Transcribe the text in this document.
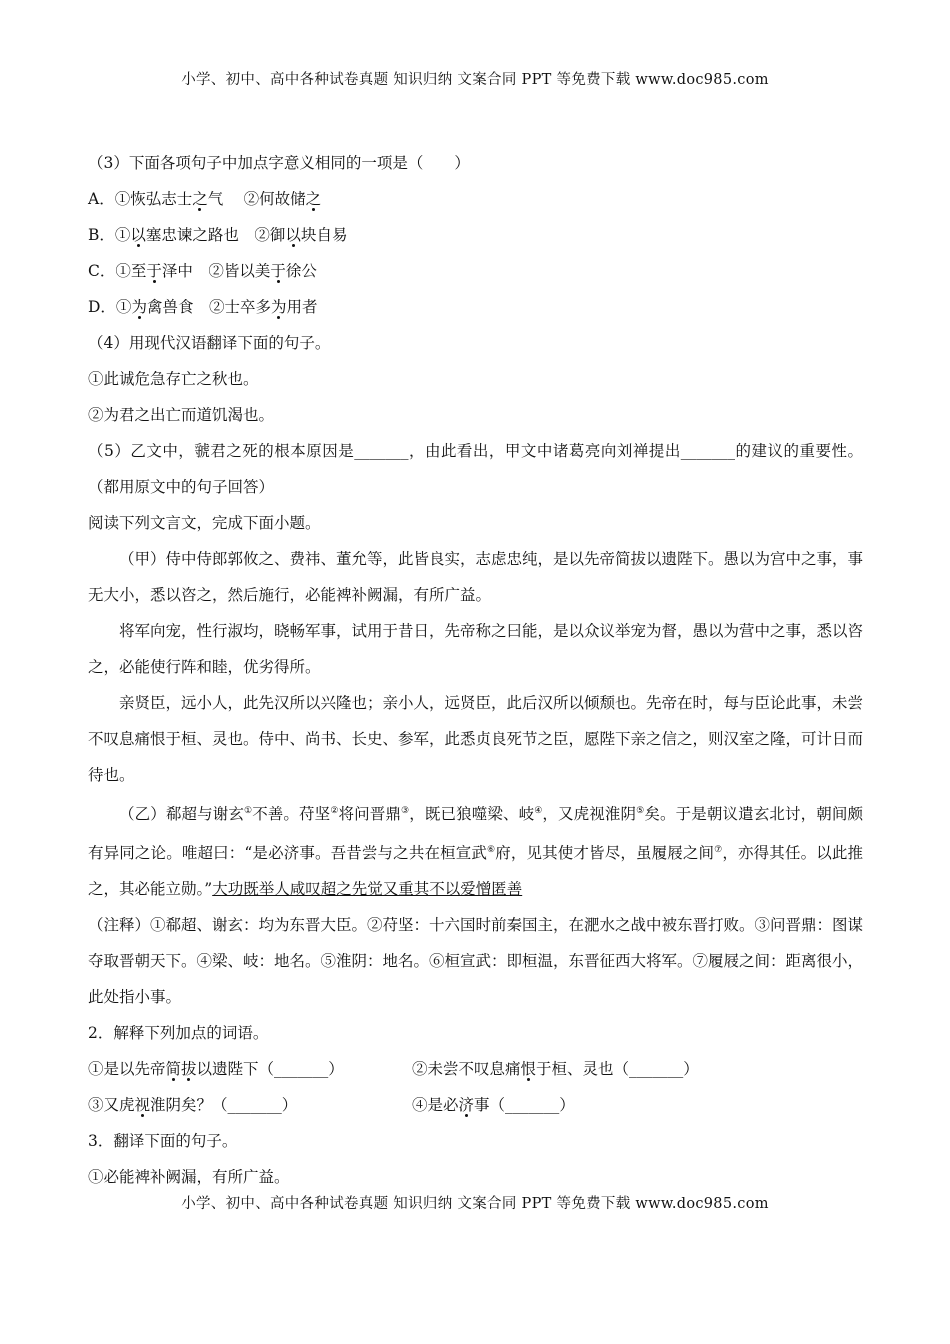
小学、初中、高中各种试卷真题 知识归纳 文案合同 PPT 等免费下载 www.doc985.com
（3）下面各项句子中加点字意义相同的一项是（　　）
A．①恢弘志士之气　 ②何故储之
B．①以塞忠谏之路也　②御以块自易
C．①至于泽中　②皆以美于徐公
D．①为禽兽食　②士卒多为用者
（4）用现代汉语翻译下面的句子。
①此诚危急存亡之秋也。
②为君之出亡而道饥渴也。
（5）乙文中，虢君之死的根本原因是_______，由此看出，甲文中诸葛亮向刘禅提出_______的建议的重要性。（都用原文中的句子回答）
阅读下列文言文，完成下面小题。
（甲）侍中侍郎郭攸之、费祎、董允等，此皆良实，志虑忠纯，是以先帝简拔以遗陛下。愚以为宫中之事，事无大小，悉以咨之，然后施行，必能裨补阙漏，有所广益。
将军向宠，性行淑均，晓畅军事，试用于昔日，先帝称之曰能，是以众议举宠为督，愚以为营中之事，悉以咨之，必能使行阵和睦，优劣得所。
亲贤臣，远小人，此先汉所以兴隆也；亲小人，远贤臣，此后汉所以倾颓也。先帝在时，每与臣论此事，未尝不叹息痛恨于桓、灵也。侍中、尚书、长史、参军，此悉贞良死节之臣，愿陛下亲之信之，则汉室之隆，可计日而待也。
（乙）郗超与谢玄①不善。苻坚②将问晋鼎③，既已狼噬梁、岐④，又虎视淮阴⑤矣。于是朝议遣玄北讨，朝间颇有异同之论。唯超曰：“是必济事。吾昔尝与之共在桓宣武⑥府，见其使才皆尽，虽履屐之间⑦，亦得其任。以此推之，其必能立勋。”大功既举人咸叹超之先觉又重其不以爱憎匿善
（注释）①郗超、谢玄：均为东晋大臣。②苻坚：十六国时前秦国主，在淝水之战中被东晋打败。③问晋鼎：图谋夺取晋朝天下。④梁、岐：地名。⑤淮阴：地名。⑥桓宣武：即桓温，东晋征西大将军。⑦履屐之间：距离很小，此处指小事。
2．解释下列加点的词语。
①是以先帝简拔以遗陛下（_______）	②未尝不叹息痛恨于桓、灵也（_______）
③又虎视淮阴矣？（_______）	④是必济事（_______）
3．翻译下面的句子。
①必能裨补阙漏，有所广益。
小学、初中、高中各种试卷真题 知识归纳 文案合同 PPT 等免费下载 www.doc985.com
